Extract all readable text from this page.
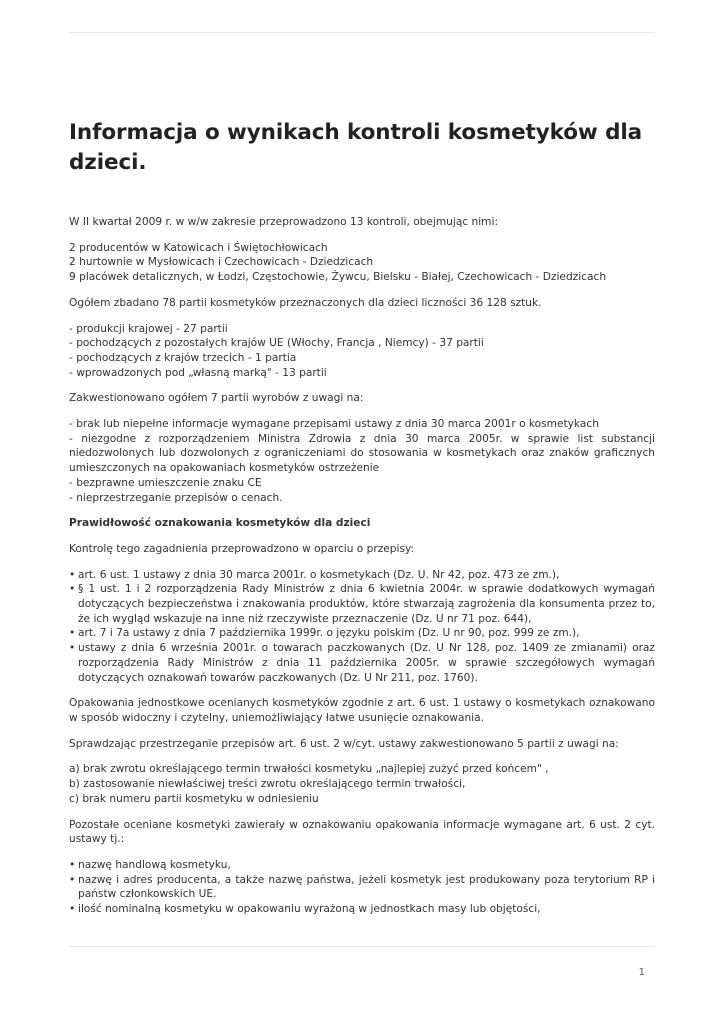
Informacja o wynikach kontroli kosmetyków dla dzieci.

W II kwartał 2009 r. w w/w zakresie przeprowadzono 13 kontroli, obejmując nimi:

2 producentów w Katowicach i Świętochłowicach
2 hurtownie w Mysłowicach i Czechowicach - Dziedzicach
9 placówek detalicznych, w Łodzi, Częstochowie, Żywcu, Bielsku - Białej, Czechowicach - Dziedzicach

Ogółem zbadano 78 partii kosmetyków przeznaczonych dla dzieci liczności 36 128 sztuk.

- produkcji krajowej - 27 partii
- pochodzących z pozostałych krajów UE (Włochy, Francja , Niemcy) - 37 partii
- pochodzących z krajów trzecich - 1 partia
- wprowadzonych pod „własną marką" - 13 partii

Zakwestionowano ogółem 7 partii wyrobów z uwagi na:

- brak lub niepełne informacje wymagane przepisami ustawy z dnia 30 marca 2001r o kosmetykach
- niezgodne z rozporządzeniem Ministra Zdrowia z dnia 30 marca 2005r. w sprawie list substancji niedozwolonych lub dozwolonych z ograniczeniami do stosowania w kosmetykach oraz znaków graficznych umieszczonych na opakowaniach kosmetyków ostrzeżenie
- bezprawne umieszczenie znaku CE
- nieprzestrzeganie przepisów o cenach.

Prawidłowość oznakowania kosmetyków dla dzieci

Kontrolę tego zagadnienia przeprowadzono w oparciu o przepisy:

• art. 6 ust. 1 ustawy z dnia 30 marca 2001r. o kosmetykach (Dz. U. Nr 42, poz. 473 ze zm.),
• § 1 ust. 1 i 2 rozporządzenia Rady Ministrów z dnia 6 kwietnia 2004r. w sprawie dodatkowych wymagań dotyczących bezpieczeństwa i znakowania produktów, które stwarzają zagrożenia dla konsumenta przez to, że ich wygląd wskazuje na inne niż rzeczywiste przeznaczenie (Dz. U nr 71 poz. 644),
• art. 7 i 7a ustawy z dnia 7 października 1999r. o języku polskim (Dz. U nr 90, poz. 999 ze zm.),
• ustawy z dnia 6 września 2001r. o towarach paczkowanych (Dz. U Nr 128, poz. 1409 ze zmianami) oraz rozporządzenia Rady Ministrów z dnia 11 października 2005r. w sprawie szczegółowych wymagań dotyczących oznakowań towarów paczkowanych (Dz. U Nr 211, poz. 1760).

Opakowania jednostkowe ocenianych kosmetyków zgodnie z art. 6 ust. 1 ustawy o kosmetykach oznakowano w sposób widoczny i czytelny, uniemożliwiający łatwe usunięcie oznakowania.

Sprawdzając przestrzeganie przepisów art. 6 ust. 2 w/cyt. ustawy zakwestionowano 5 partii z uwagi na:

a) brak zwrotu określającego termin trwałości kosmetyku „najlepiej zużyć przed końcem" ,
b) zastosowanie niewłaściwej treści zwrotu określającego termin trwałości,
c) brak numeru partii kosmetyku w odniesieniu

Pozostałe oceniane kosmetyki zawierały w oznakowaniu opakowania informacje wymagane art. 6 ust. 2 cyt. ustawy tj.:

• nazwę handlową kosmetyku,
• nazwę i adres producenta, a także nazwę państwa, jeżeli kosmetyk jest produkowany poza terytorium RP i państw członkowskich UE.
• ilość nominalną kosmetyku w opakowaniu wyrażoną w jednostkach masy lub objętości,
1
